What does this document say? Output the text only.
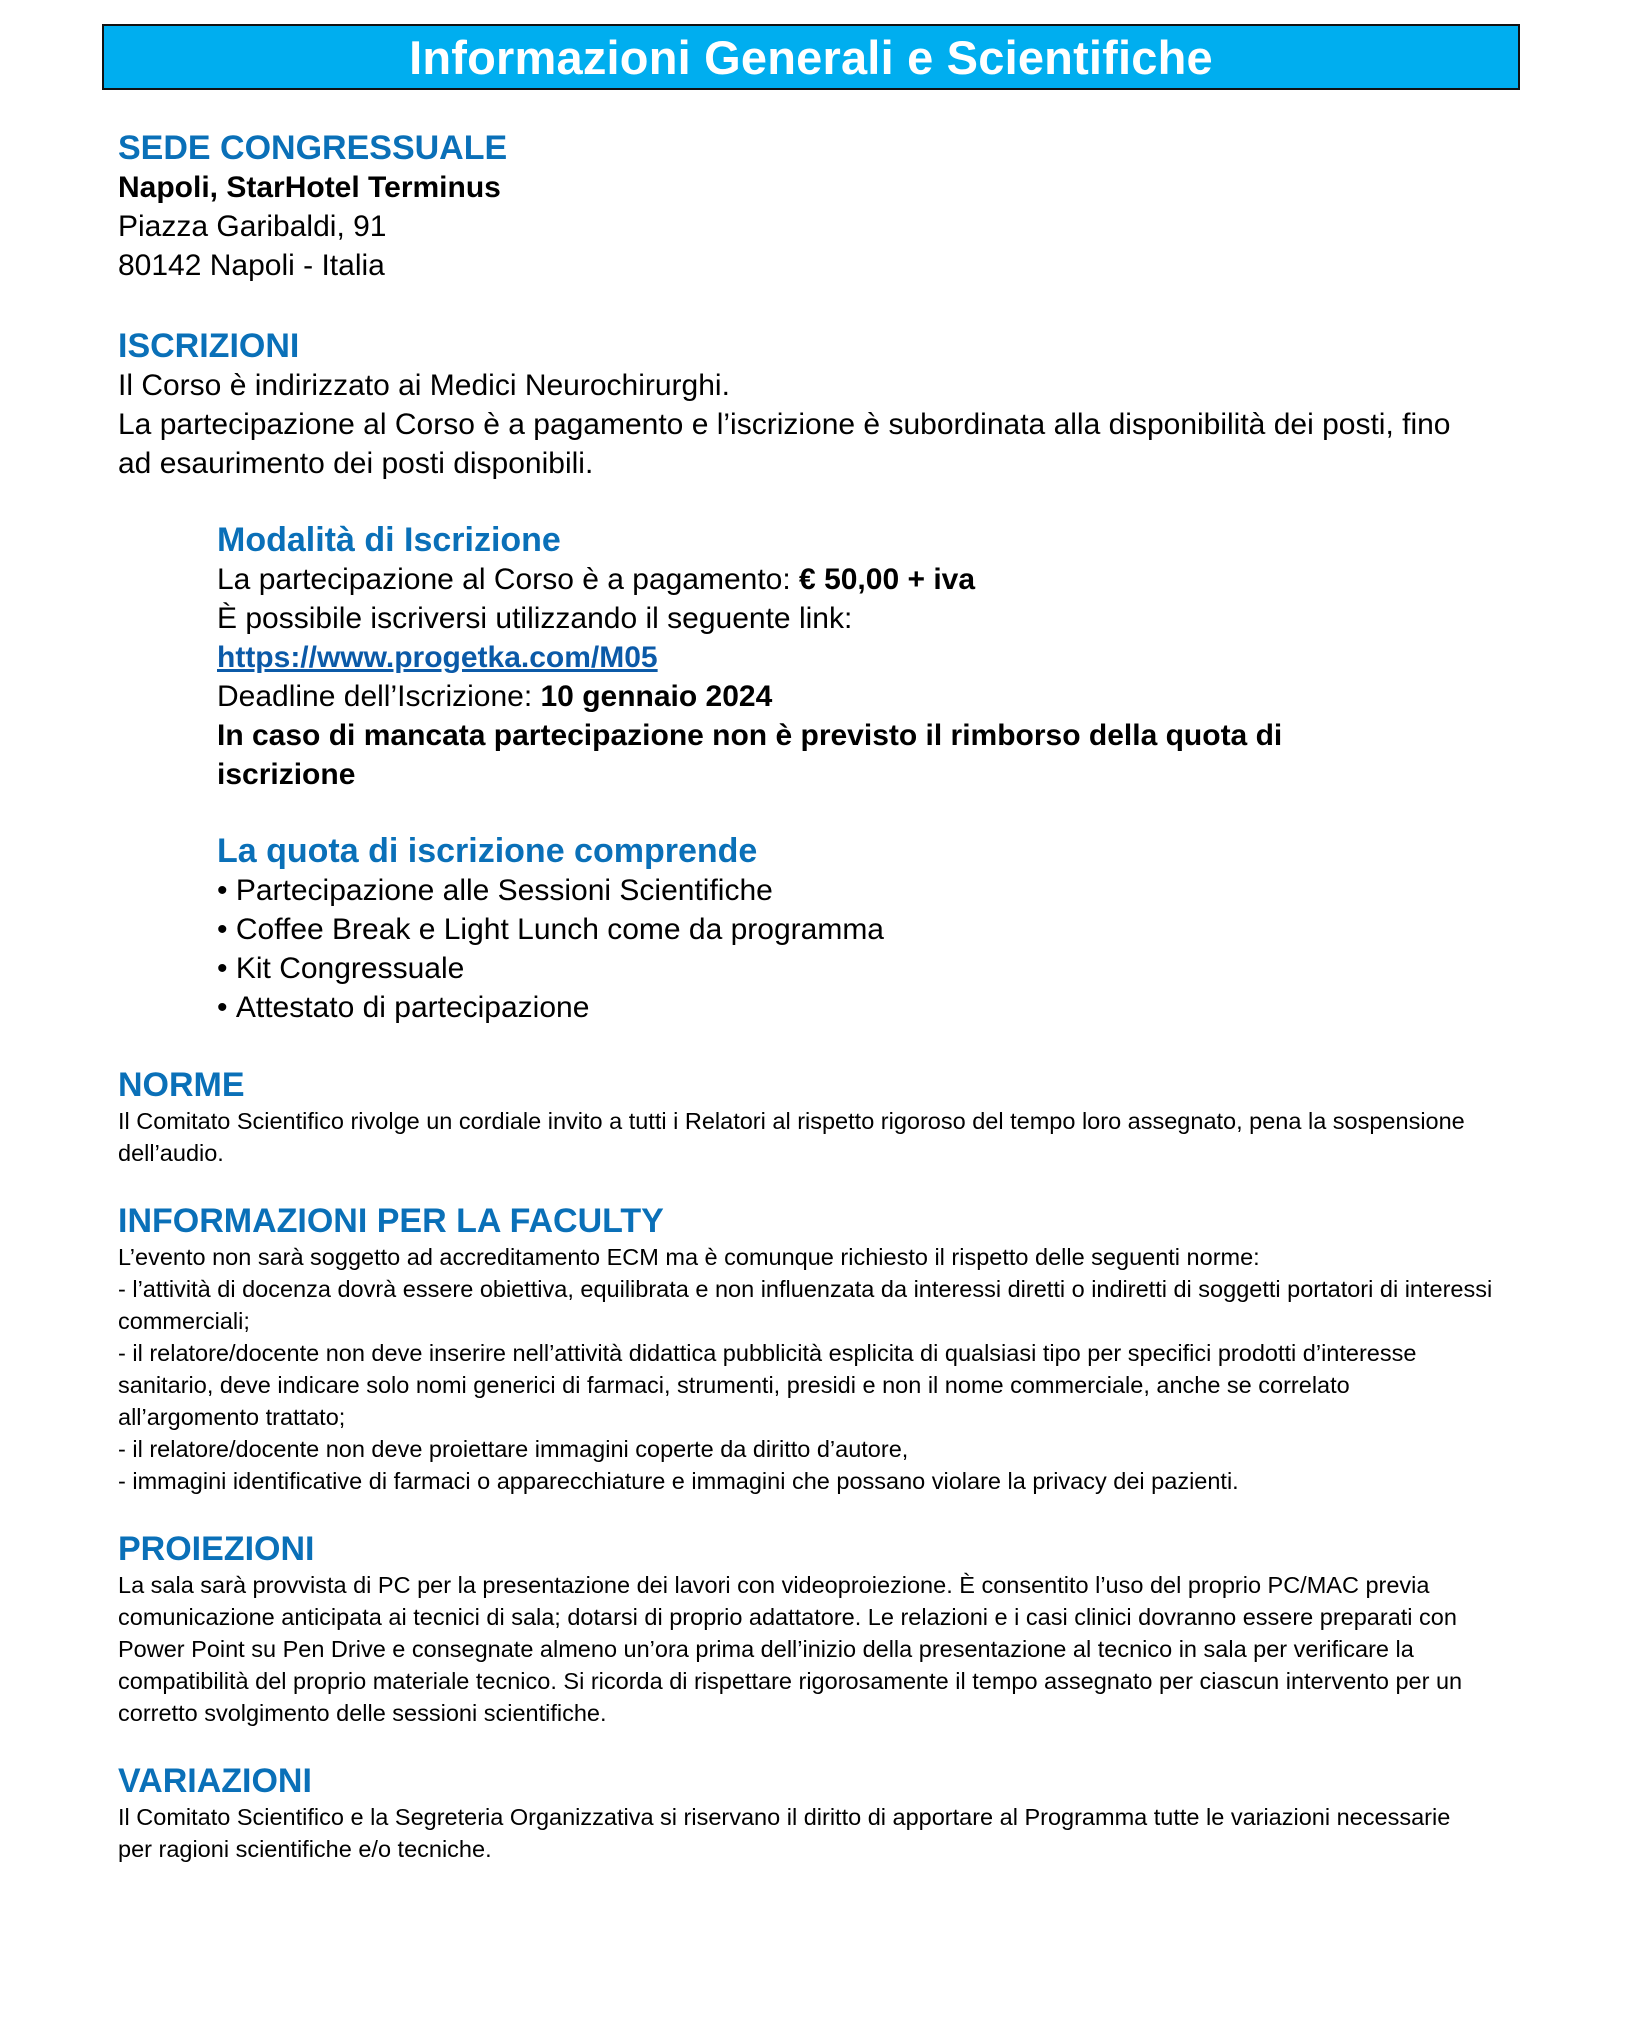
Informazioni Generali e Scientifiche

SEDE CONGRESSUALE

Napoli, StarHotel Terminus

Piazza Garibaldi, 91

80142 Napoli - Italia

ISCRIZIONI

Il Corso è indirizzato ai Medici Neurochirurghi.

La partecipazione al Corso è a pagamento e l’iscrizione è subordinata alla disponibilità dei posti, fino ad esaurimento dei posti disponibili.

Modalità di Iscrizione

La partecipazione al Corso è a pagamento: € 50,00 + iva

È possibile iscriversi utilizzando il seguente link:

https://www.progetka.com/M05

Deadline dell’Iscrizione: 10 gennaio 2024

In caso di mancata partecipazione non è previsto il rimborso della quota di iscrizione

La quota di iscrizione comprende

• Partecipazione alle Sessioni Scientifiche
• Coffee Break e Light Lunch come da programma
• Kit Congressuale
• Attestato di partecipazione

NORME

Il Comitato Scientifico rivolge un cordiale invito a tutti i Relatori al rispetto rigoroso del tempo loro assegnato, pena la sospensione dell’audio.

INFORMAZIONI PER LA FACULTY

L’evento non sarà soggetto ad accreditamento ECM ma è comunque richiesto il rispetto delle seguenti norme:

- l’attività di docenza dovrà essere obiettiva, equilibrata e non influenzata da interessi diretti o indiretti di soggetti portatori di interessi commerciali;

- il relatore/docente non deve inserire nell’attività didattica pubblicità esplicita di qualsiasi tipo per specifici prodotti d’interesse sanitario, deve indicare solo nomi generici di farmaci, strumenti, presidi e non il nome commerciale, anche se correlato all’argomento trattato;

- il relatore/docente non deve proiettare immagini coperte da diritto d’autore,

- immagini identificative di farmaci o apparecchiature e immagini che possano violare la privacy dei pazienti.

PROIEZIONI

La sala sarà provvista di PC per la presentazione dei lavori con videoproiezione. È consentito l’uso del proprio PC/MAC previa comunicazione anticipata ai tecnici di sala; dotarsi di proprio adattatore. Le relazioni e i casi clinici dovranno essere preparati con Power Point su Pen Drive e consegnate almeno un’ora prima dell’inizio della presentazione al tecnico in sala per verificare la compatibilità del proprio materiale tecnico. Si ricorda di rispettare rigorosamente il tempo assegnato per ciascun intervento per un corretto svolgimento delle sessioni scientifiche.

VARIAZIONI

Il Comitato Scientifico e la Segreteria Organizzativa si riservano il diritto di apportare al Programma tutte le variazioni necessarie per ragioni scientifiche e/o tecniche.
